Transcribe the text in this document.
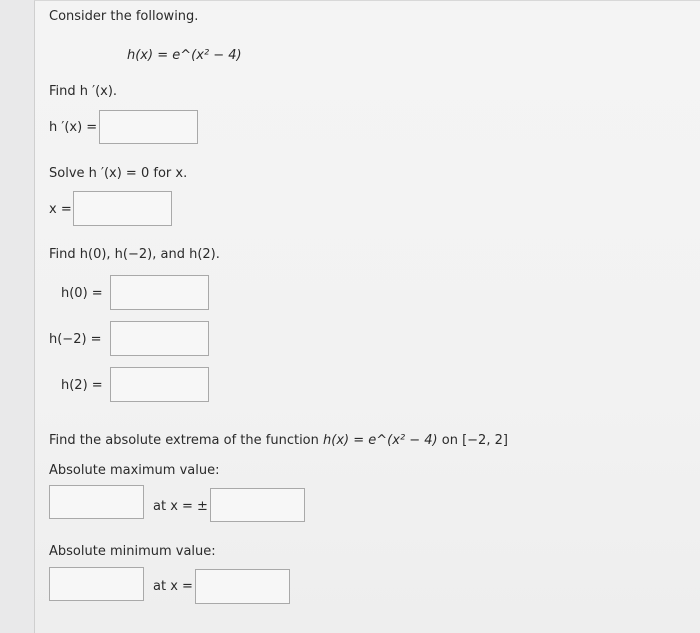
Consider the following.
h(x) = e^(x² − 4)
Find h ′(x).
h ′(x) =
Solve h ′(x) = 0 for x.
x =
Find h(0), h(−2), and h(2).
h(0) =
h(−2) =
h(2) =
Find the absolute extrema of the function h(x) = e^(x² − 4) on [−2, 2]
Absolute maximum value:
at x = ±
Absolute minimum value:
at x =
